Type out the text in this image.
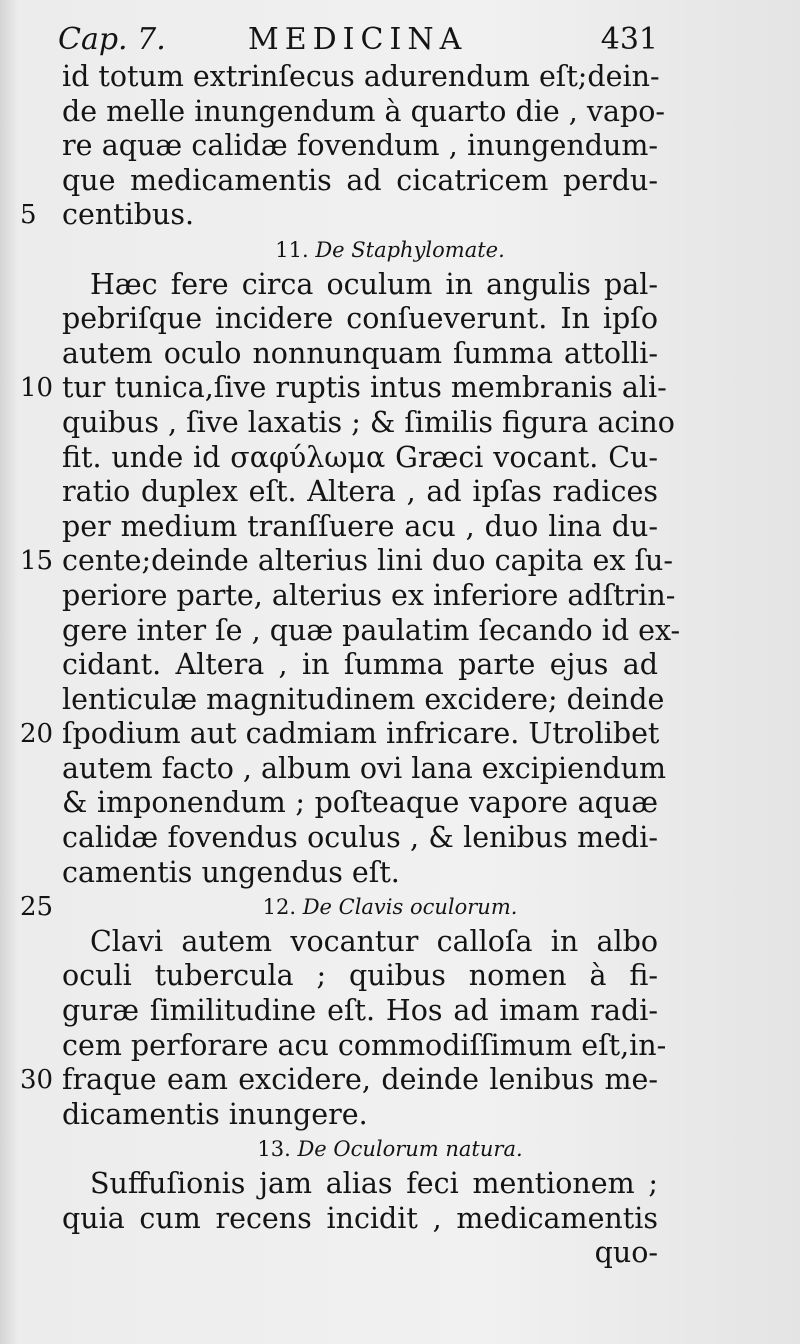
Cap. 7.	MEDICINA	431
id totum extrinſecus adurendum eſt;dein-
de melle inungendum à quarto die , vapo-
re aquæ calidæ fovendum , inungendum-
que medicamentis ad cicatricem perdu-
5 centibus.
11. De Staphylomate.
Hæc fere circa oculum in angulis pal-
pebriſque incidere conſueverunt. In ipſo
autem oculo nonnunquam ſumma attolli-
10 tur tunica,ſive ruptis intus membranis ali-
quibus , ſive laxatis ; & ſimilis figura acino
fit. unde id σαφύλωμα Græci vocant. Cu-
ratio duplex eſt. Altera , ad ipſas radices
per medium tranſſuere acu , duo lina du-
15 cente;deinde alterius lini duo capita ex ſu-
periore parte, alterius ex inferiore adſtrin-
gere inter ſe , quæ paulatim ſecando id ex-
cidant. Altera , in ſumma parte ejus ad
lenticulæ magnitudinem excidere; deinde
20 ſpodium aut cadmiam infricare. Utrolibet
autem facto , album ovi lana excipiendum
& imponendum ; poſteaque vapore aquæ
calidæ fovendus oculus , & lenibus medi-
camentis ungendus eſt.
25	12. De Clavis oculorum.
Clavi autem vocantur calloſa in albo
oculi tubercula ; quibus nomen à fi-
guræ ſimilitudine eſt. Hos ad imam radi-
cem perforare acu commodiſſimum eſt,in-
30 fraque eam excidere, deinde lenibus me-
dicamentis inungere.
13. De Oculorum natura.
Suffuſionis jam alias feci mentionem ;
quia cum recens incidit , medicamentis
quo-
